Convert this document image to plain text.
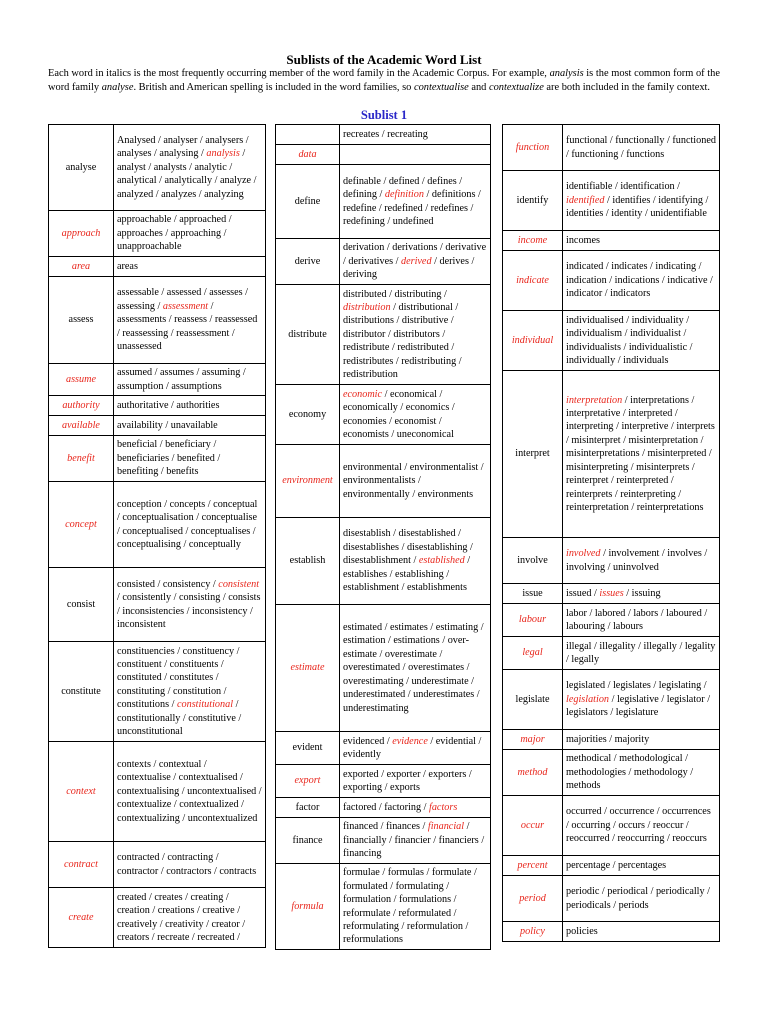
Sublists of the Academic Word List

Each word in italics is the most frequently occurring member of the word family in the Academic Corpus. For example, analysis is the most common form of the word family analyse. British and American spelling is included in the word families, so contextualise and contextualize are both included in the family context.

Sublist 1
analyse	Analysed / analyser / analysers / analyses / analysing / analysis / analyst / analysts / analytic / analytical / analytically / analyze / analyzed / analyzes / analyzing
approach	approachable / approached / approaches / approaching / unapproachable
area	areas
assess	assessable / assessed / assesses / assessing / assessment / assessments / reassess / reassessed / reassessing / reassessment / unassessed
assume	assumed / assumes / assuming / assumption / assumptions
authority	authoritative / authorities
available	availability / unavailable
benefit	beneficial / beneficiary / beneficiaries / benefited / benefiting / benefits
concept	conception / concepts / conceptual / conceptualisation / conceptualise / conceptualised / conceptualises / conceptualising / conceptually
consist	consisted / consistency / consistent / consistently / consisting / consists / inconsistencies / inconsistency / inconsistent
constitute	constituencies / constituency / constituent / constituents / constituted / constitutes / constituting / constitution / constitutions / constitutional / constitutionally / constitutive / unconstitutional
context	contexts / contextual / contextualise / contextualised / contextualising / uncontextualised / contextualize / contextualized / contextualizing / uncontextualized
contract	contracted / contracting / contractor / contractors / contracts
create	created / creates / creating / creation / creations / creative / creatively / creativity / creator / creators / recreate / recreated /
	recreates / recreating
data	
define	definable / defined / defines / defining / definition / definitions / redefine / redefined / redefines / redefining / undefined
derive	derivation / derivations / derivative / derivatives / derived / derives / deriving
distribute	distributed / distributing / distribution / distributional / distributions / distributive / distributor / distributors / redistribute / redistributed / redistributes / redistributing / redistribution
economy	economic / economical / economically / economics / economies / economist / economists / uneconomical
environment	environmental / environmentalist / environmentalists / environmentally / environments
establish	disestablish / disestablished / disestablishes / disestablishing / disestablishment / established / establishes / establishing / establishment / establishments
estimate	estimated / estimates / estimating / estimation / estimations / over-estimate / overestimate / overestimated / overestimates / overestimating / underestimate / underestimated / underestimates / underestimating
evident	evidenced / evidence / evidential / evidently
export	exported / exporter / exporters / exporting / exports
factor	factored / factoring / factors
finance	financed / finances / financial / financially / financier / financiers / financing
formula	formulae / formulas / formulate / formulated / formulating / formulation / formulations / reformulate / reformulated / reformulating / reformulation / reformulations
function	functional / functionally / functioned / functioning / functions
identify	identifiable / identification / identified / identifies / identifying / identities / identity / unidentifiable
income	incomes
indicate	indicated / indicates / indicating / indication / indications / indicative / indicator / indicators
individual	individualised / individuality / individualism / individualist / individualists / individualistic / individually / individuals
interpret	interpretation / interpretations / interpretative / interpreted / interpreting / interpretive / interprets / misinterpret / misinterpretation / misinterpretations / misinterpreted / misinterpreting / misinterprets / reinterpret / reinterpreted / reinterprets / reinterpreting / reinterpretation / reinterpretations
involve	involved / involvement / involves / involving / uninvolved
issue	issued / issues / issuing
labour	labor / labored / labors / laboured / labouring / labours
legal	illegal / illegality / illegally / legality / legally
legislate	legislated / legislates / legislating / legislation / legislative / legislator / legislators / legislature
major	majorities / majority
method	methodical / methodological / methodologies / methodology / methods
occur	occurred / occurrence / occurrences / occurring / occurs / reoccur / reoccurred / reoccurring / reoccurs
percent	percentage / percentages
period	periodic / periodical / periodically / periodicals / periods
policy	policies
